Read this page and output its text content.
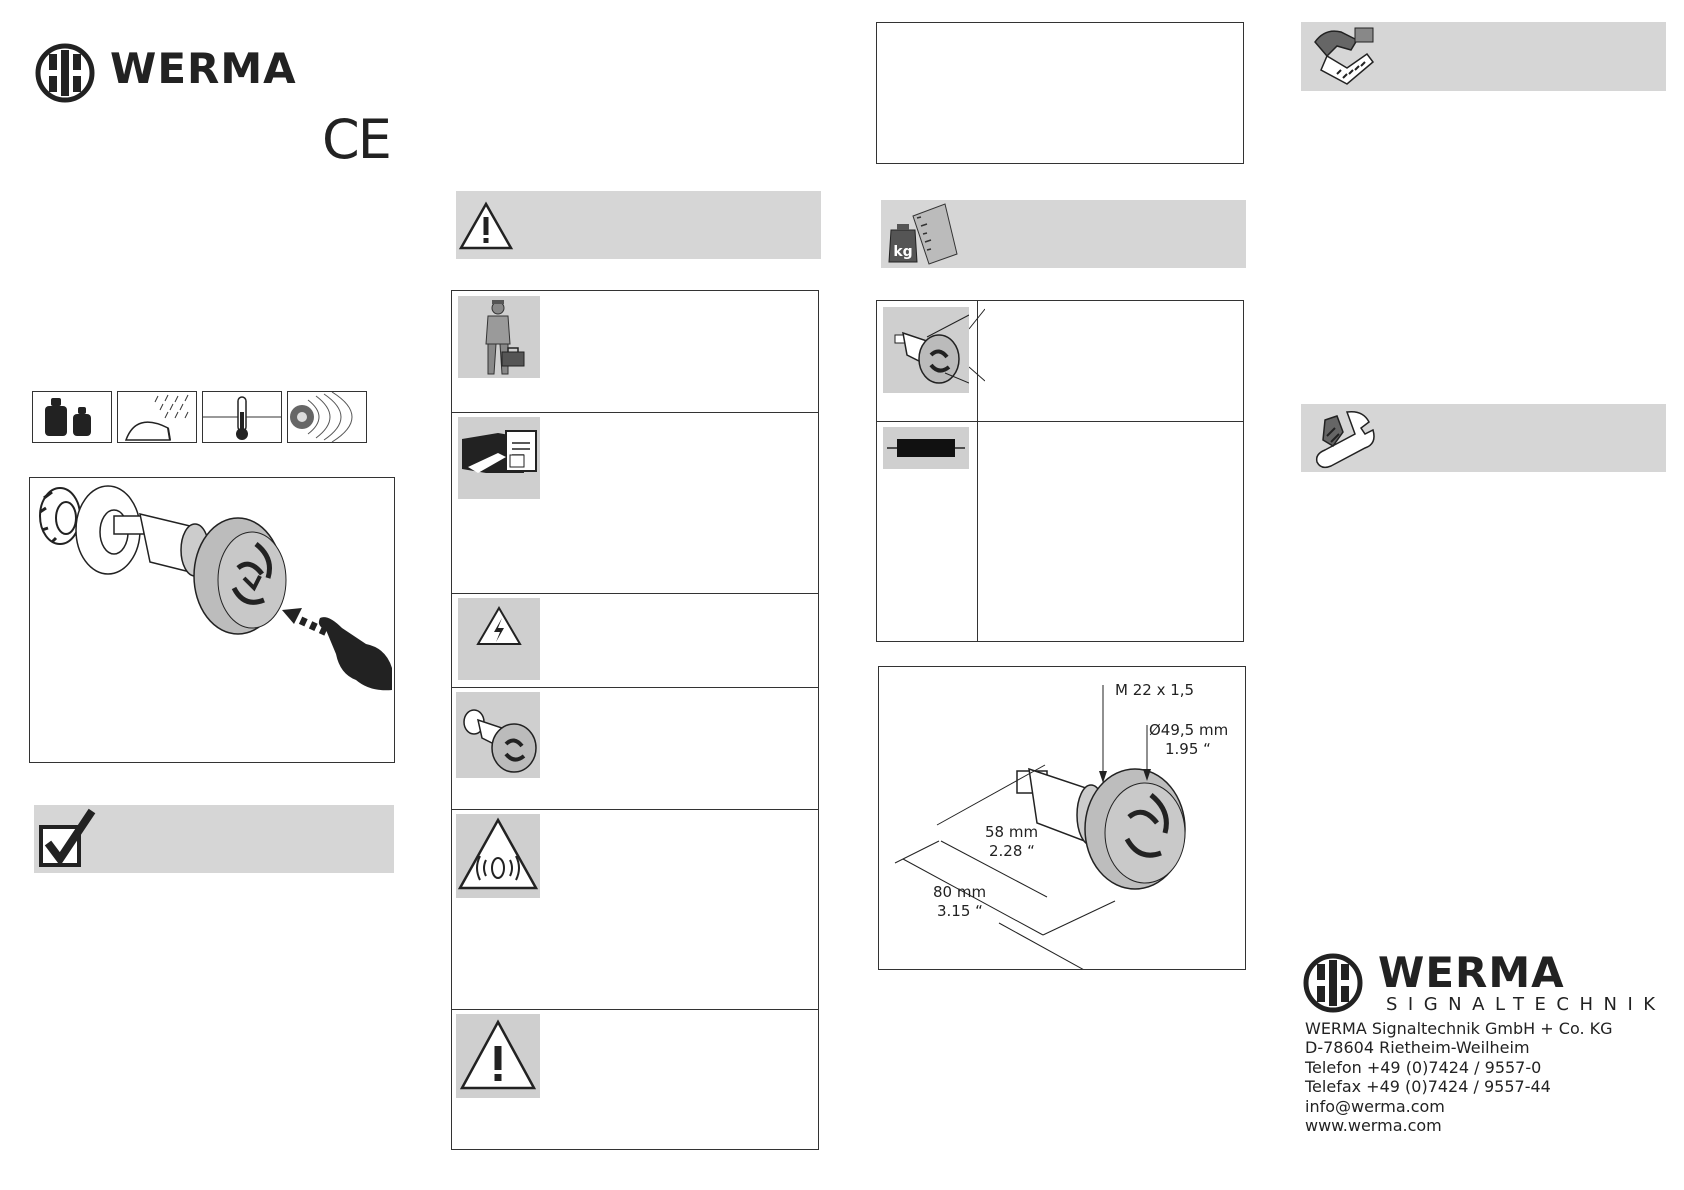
WERMA
CE
kg
M 22 x 1,5
Ø49,5 mm
1.95 “
58 mm
2.28 “
80 mm
3.15 “
WERMA
SIGNALTECHNIK
WERMA Signaltechnik GmbH + Co. KG
D-78604 Rietheim-Weilheim
Telefon +49 (0)7424 / 9557-0
Telefax +49 (0)7424 / 9557-44
info@werma.com
www.werma.com
